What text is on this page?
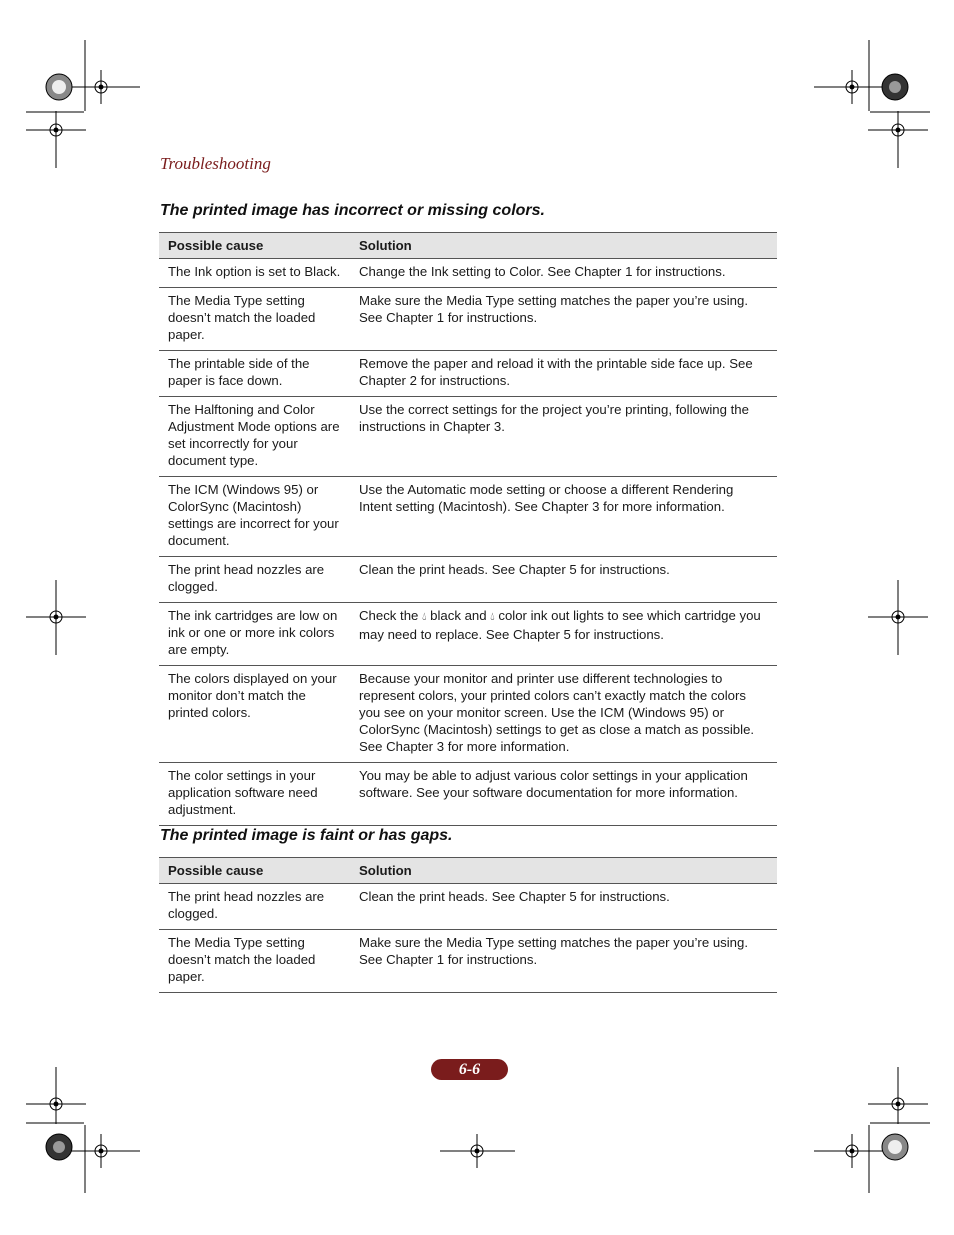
Troubleshooting
The printed image has incorrect or missing colors.
Possible cause	Solution
The Ink option is set to Black.	Change the Ink setting to Color. See Chapter 1 for instructions.
The Media Type setting doesn’t match the loaded paper.	Make sure the Media Type setting matches the paper you’re using. See Chapter 1 for instructions.
The printable side of the paper is face down.	Remove the paper and reload it with the printable side face up. See Chapter 2 for instructions.
The Halftoning and Color Adjustment Mode options are set incorrectly for your document type.	Use the correct settings for the project you’re printing, following the instructions in Chapter 3.
The ICM (Windows 95) or ColorSync (Macintosh) settings are incorrect for your document.	Use the Automatic mode setting or choose a different Rendering Intent setting (Macintosh). See Chapter 3 for more information.
The print head nozzles are clogged.	Clean the print heads. See Chapter 5 for instructions.
The ink cartridges are low on ink or one or more ink colors are empty.	Check the 💧︎ black and 💧︎ color ink out lights to see which cartridge you may need to replace. See Chapter 5 for instructions.
The colors displayed on your monitor don’t match the printed colors.	Because your monitor and printer use different technologies to represent colors, your printed colors can’t exactly match the colors you see on your monitor screen. Use the ICM (Windows 95) or ColorSync (Macintosh) settings to get as close a match as possible. See Chapter 3 for more information.
The color settings in your application software need adjustment.	You may be able to adjust various color settings in your application software. See your software documentation for more information.
The printed image is faint or has gaps.
Possible cause	Solution
The print head nozzles are clogged.	Clean the print heads. See Chapter 5 for instructions.
The Media Type setting doesn’t match the loaded paper.	Make sure the Media Type setting matches the paper you’re using. See Chapter 1 for instructions.
6-6
